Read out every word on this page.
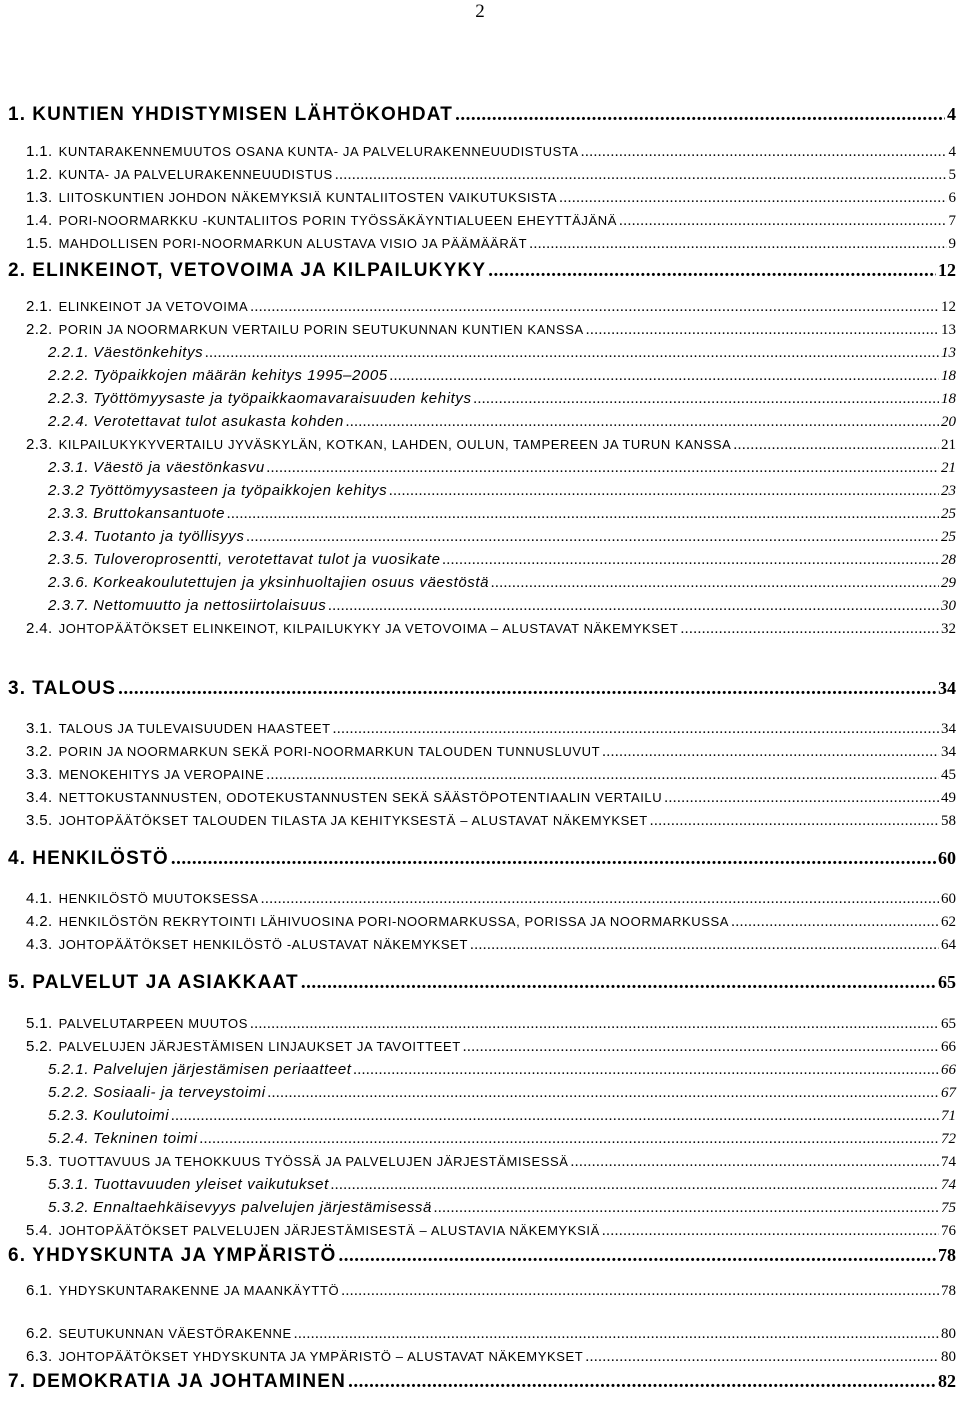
2
1. KUNTIEN YHDISTYMISEN LÄHTÖKOHDAT .....	4
1.1. KUNTARAKENNEMUUTOS OSANA KUNTA- JA PALVELURAKENNEUUDISTUSTA .....	4
1.2. KUNTA- JA PALVELURAKENNEUUDISTUS .....	5
1.3. LIITOSKUNTIEN JOHDON NÄKEMYKSIÄ KUNTALIITOSTEN VAIKUTUKSISTA .....	6
1.4. PORI-NOORMARKKU -KUNTALIITOS PORIN TYÖSSÄKÄYNTIALUEEN EHEYTTÄJÄNÄ .....	7
1.5. MAHDOLLISEN PORI-NOORMARKUN ALUSTAVA VISIO JA PÄÄMÄÄRÄT .....	9
2. ELINKEINOT, VETOVOIMA JA KILPAILUKYKY .....	12
2.1. ELINKEINOT JA VETOVOIMA .....	12
2.2. PORIN JA NOORMARKUN VERTAILU PORIN SEUTUKUNNAN KUNTIEN KANSSA .....	13
2.2.1. Väestönkehitys .....	13
2.2.2. Työpaikkojen määrän kehitys 1995–2005 .....	18
2.2.3. Työttömyysaste ja työpaikkaomavaraisuuden kehitys .....	18
2.2.4. Verotettavat tulot asukasta kohden .....	20
2.3. KILPAILUKYKYVERTAILU JYVÄSKYLÄN, KOTKAN, LAHDEN, OULUN, TAMPEREEN JA TURUN KANSSA .....	21
2.3.1. Väestö ja väestönkasvu .....	21
2.3.2 Työttömyysasteen ja työpaikkojen kehitys .....	23
2.3.3. Bruttokansantuote .....	25
2.3.4. Tuotanto ja työllisyys .....	25
2.3.5. Tuloveroprosentti, verotettavat tulot ja vuosikate .....	28
2.3.6. Korkeakoulutettujen ja yksinhuoltajien osuus väestöstä .....	29
2.3.7. Nettomuutto ja nettosiirtolaisuus .....	30
2.4. JOHTOPÄÄTÖKSET ELINKEINOT, KILPAILUKYKY JA VETOVOIMA – ALUSTAVAT NÄKEMYKSET .....	32
3. TALOUS .....	34
3.1. TALOUS JA TULEVAISUUDEN HAASTEET .....	34
3.2. PORIN JA NOORMARKUN SEKÄ PORI-NOORMARKUN TALOUDEN TUNNUSLUVUT .....	34
3.3. MENOKEHITYS JA VEROPAINE .....	45
3.4. NETTOKUSTANNUSTEN, ODOTEKUSTANNUSTEN SEKÄ SÄÄSTÖPOTENTIAALIN VERTAILU .....	49
3.5. JOHTOPÄÄTÖKSET TALOUDEN TILASTA JA KEHITYKSESTÄ – ALUSTAVAT NÄKEMYKSET .....	58
4. HENKILÖSTÖ .....	60
4.1. HENKILÖSTÖ MUUTOKSESSA .....	60
4.2. HENKILÖSTÖN REKRYTOINTI LÄHIVUOSINA PORI-NOORMARKUSSA, PORISSA JA NOORMARKUSSA .....	62
4.3. JOHTOPÄÄTÖKSET HENKILÖSTÖ -ALUSTAVAT NÄKEMYKSET .....	64
5. PALVELUT JA ASIAKKAAT .....	65
5.1. PALVELUTARPEEN MUUTOS .....	65
5.2. PALVELUJEN JÄRJESTÄMISEN LINJAUKSET JA TAVOITTEET .....	66
5.2.1. Palvelujen järjestämisen periaatteet .....	66
5.2.2. Sosiaali- ja terveystoimi .....	67
5.2.3. Koulutoimi .....	71
5.2.4. Tekninen toimi .....	72
5.3. TUOTTAVUUS JA TEHOKKUUS TYÖSSÄ JA PALVELUJEN JÄRJESTÄMISESSÄ .....	74
5.3.1. Tuottavuuden yleiset vaikutukset .....	74
5.3.2. Ennaltaehkäisevyys palvelujen järjestämisessä .....	75
5.4. JOHTOPÄÄTÖKSET PALVELUJEN JÄRJESTÄMISESTÄ – ALUSTAVIA NÄKEMYKSIÄ .....	76
6. YHDYSKUNTA JA YMPÄRISTÖ .....	78
6.1. YHDYSKUNTARAKENNE JA MAANKÄYTTÖ .....	78
6.2. SEUTUKUNNAN VÄESTÖRAKENNE .....	80
6.3. JOHTOPÄÄTÖKSET YHDYSKUNTA JA YMPÄRISTÖ – ALUSTAVAT NÄKEMYKSET .....	80
7. DEMOKRATIA JA JOHTAMINEN .....	82
